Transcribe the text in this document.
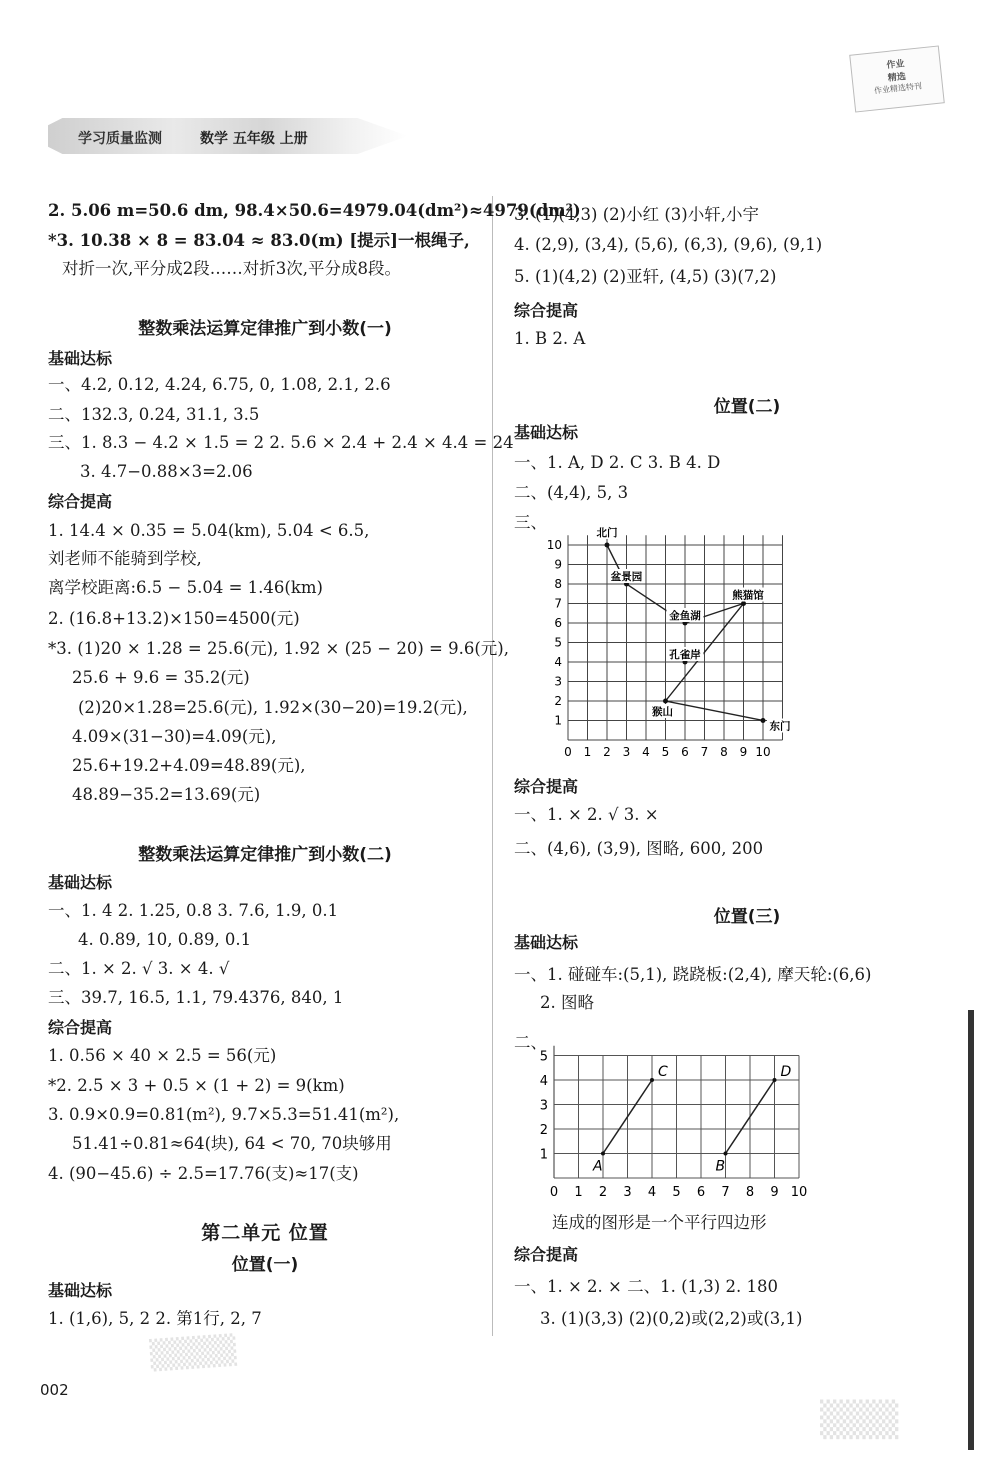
学习质量监测	数学 五年级 上册
作业
精选
作业精选特刊
2. 5.06 m=50.6 dm, 98.4×50.6=4979.04(dm²)≈4979(dm²)
*3. 10.38 × 8 = 83.04 ≈ 83.0(m) [提示]一根绳子,
对折一次,平分成2段……对折3次,平分成8段。
整数乘法运算定律推广到小数(一)
基础达标
一、4.2, 0.12, 4.24, 6.75, 0, 1.08, 2.1, 2.6
二、132.3, 0.24, 31.1, 3.5
三、1. 8.3 − 4.2 × 1.5 = 2 2. 5.6 × 2.4 + 2.4 × 4.4 = 24
3. 4.7−0.88×3=2.06
综合提高
1. 14.4 × 0.35 = 5.04(km), 5.04 < 6.5,
刘老师不能骑到学校,
离学校距离:6.5 − 5.04 = 1.46(km)
2. (16.8+13.2)×150=4500(元)
*3. (1)20 × 1.28 = 25.6(元), 1.92 × (25 − 20) = 9.6(元),
25.6 + 9.6 = 35.2(元)
(2)20×1.28=25.6(元), 1.92×(30−20)=19.2(元),
4.09×(31−30)=4.09(元),
25.6+19.2+4.09=48.89(元),
48.89−35.2=13.69(元)
整数乘法运算定律推广到小数(二)
基础达标
一、1. 4 2. 1.25, 0.8 3. 7.6, 1.9, 0.1
4. 0.89, 10, 0.89, 0.1
二、1. × 2. √ 3. × 4. √
三、39.7, 16.5, 1.1, 79.4376, 840, 1
综合提高
1. 0.56 × 40 × 2.5 = 56(元)
*2. 2.5 × 3 + 0.5 × (1 + 2) = 9(km)
3. 0.9×0.9=0.81(m²), 9.7×5.3=51.41(m²),
51.41÷0.81≈64(块), 64 < 70, 70块够用
4. (90−45.6) ÷ 2.5=17.76(支)≈17(支)
第二单元 位置
位置(一)
基础达标
1. (1,6), 5, 2 2. 第1行, 2, 7
3. (1)(4,3) (2)小红 (3)小轩,小宇
4. (2,9), (3,4), (5,6), (6,3), (9,6), (9,1)
5. (1)(4,2) (2)亚轩, (4,5) (3)(7,2)
综合提高
1. B 2. A
位置(二)
基础达标
一、1. A, D 2. C 3. B 4. D
二、(4,4), 5, 3
三、
综合提高
一、1. × 2. √ 3. ×
二、(4,6), (3,9), 图略, 600, 200
位置(三)
基础达标
一、1. 碰碰车:(5,1), 跷跷板:(2,4), 摩天轮:(6,6)
2. 图略
二、
连成的图形是一个平行四边形
综合提高
一、1. × 2. × 二、1. (1,3) 2. 180
3. (1)(3,3) (2)(0,2)或(2,2)或(3,1)
0 1 2 3 4 5 6 7 8 9 10
1
2
3
4
5
6
7
8
9
10
北门
盆景园
金鱼湖
熊猫馆
孔雀岸
猴山
东门
0 1 2 3 4 5 6 7 8 9 10
1
2
3
4
5
A
C
B
D
002
▒▒▒▒
▒▒▒
